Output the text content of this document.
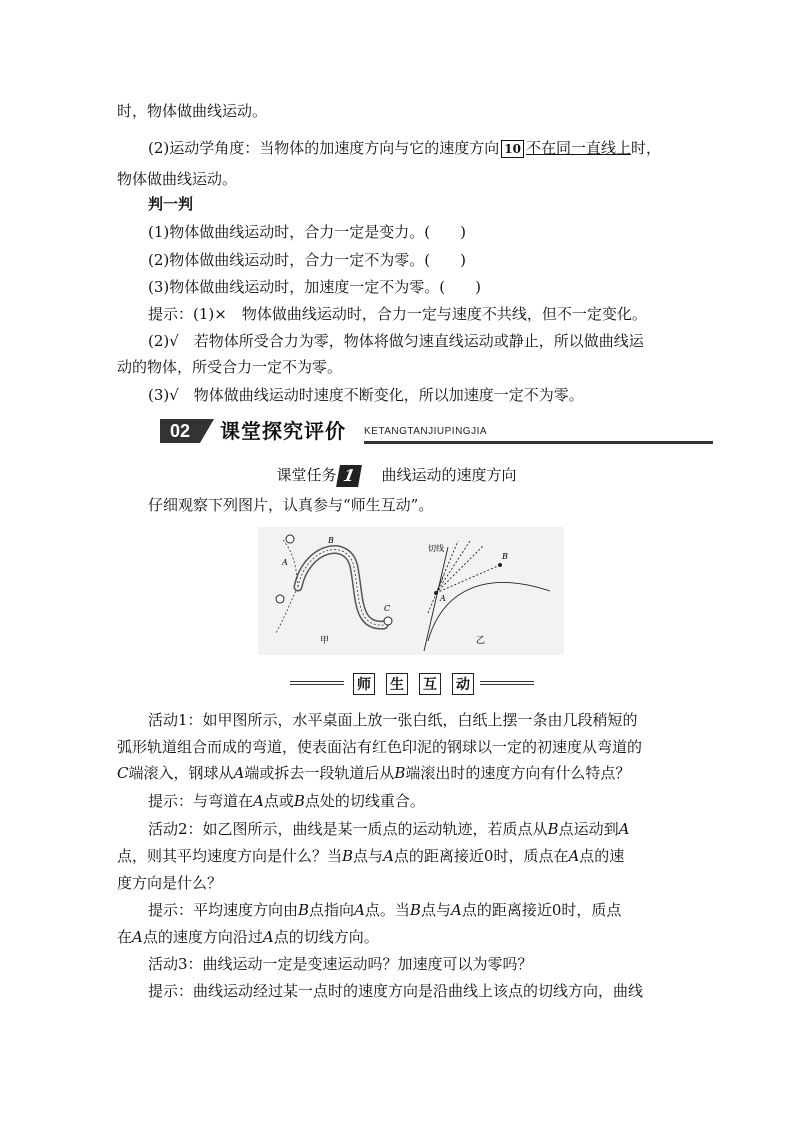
时，物体做曲线运动。
(2)运动学角度：当物体的加速度方向与它的速度方向 10 不在同一直线上时，
物体做曲线运动。
判一判
(1)物体做曲线运动时，合力一定是变力。(　　)
(2)物体做曲线运动时，合力一定不为零。(　　)
(3)物体做曲线运动时，加速度一定不为零。(　　)
提示：(1)×　物体做曲线运动时，合力一定与速度不共线，但不一定变化。
(2)√　若物体所受合力为零，物体将做匀速直线运动或静止，所以做曲线运
动的物体，所受合力一定不为零。
(3)√　物体做曲线运动时速度不断变化，所以加速度一定不为零。
02	课堂探究评价 KETANGTANJIUPINGJIA
课堂任务 1　 曲线运动的速度方向
仔细观察下列图片，认真参与“师生互动”。
B
A
C
甲
切线
B
A
乙
师 生 互 动
活动1：如甲图所示，水平桌面上放一张白纸，白纸上摆一条由几段稍短的
弧形轨道组合而成的弯道，使表面沾有红色印泥的钢球以一定的初速度从弯道的
C端滚入，钢球从A端或拆去一段轨道后从B端滚出时的速度方向有什么特点？
提示：与弯道在A点或B点处的切线重合。
活动2：如乙图所示，曲线是某一质点的运动轨迹，若质点从B点运动到A
点，则其平均速度方向是什么？当B点与A点的距离接近0时，质点在A点的速
度方向是什么？
提示：平均速度方向由B点指向A点。当B点与A点的距离接近0时，质点
在A点的速度方向沿过A点的切线方向。
活动3：曲线运动一定是变速运动吗？加速度可以为零吗？
提示：曲线运动经过某一点时的速度方向是沿曲线上该点的切线方向，曲线
